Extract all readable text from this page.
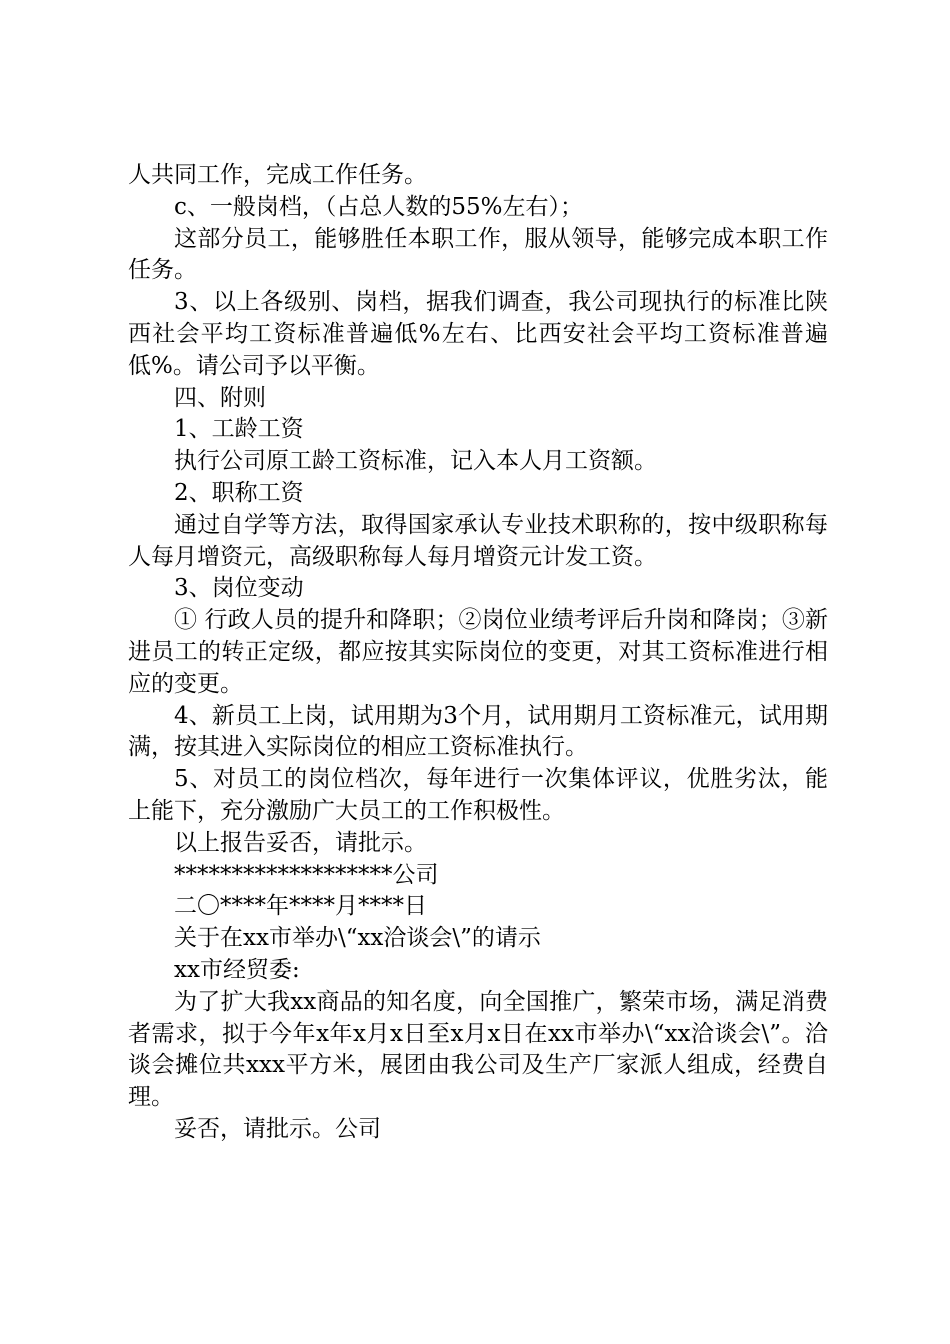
人共同工作，完成工作任务。

c、一般岗档，（占总人数的55%左右）；

这部分员工，能够胜任本职工作，服从领导，能够完成本职工作任务。

3、以上各级别、岗档，据我们调查，我公司现执行的标准比陕西社会平均工资标准普遍低%左右、比西安社会平均工资标准普遍低%。请公司予以平衡。

四、附则

1、工龄工资

执行公司原工龄工资标准，记入本人月工资额。

2、职称工资

通过自学等方法，取得国家承认专业技术职称的，按中级职称每人每月增资元，高级职称每人每月增资元计发工资。

3、岗位变动

① 行政人员的提升和降职；②岗位业绩考评后升岗和降岗；③新进员工的转正定级，都应按其实际岗位的变更，对其工资标准进行相应的变更。

4、新员工上岗，试用期为3个月，试用期月工资标准元，试用期满，按其进入实际岗位的相应工资标准执行。

5、对员工的岗位档次，每年进行一次集体评议，优胜劣汰，能上能下，充分激励广大员工的工作积极性。

以上报告妥否，请批示。

*******************公司

二〇****年****月****日

关于在xx市举办\“xx洽谈会\”的请示

xx市经贸委:

为了扩大我xx商品的知名度，向全国推广，繁荣市场，满足消费者需求，拟于今年x年x月x日至x月x日在xx市举办\“xx洽谈会\”。洽谈会摊位共xxx平方米，展团由我公司及生产厂家派人组成，经费自理。

妥否，请批示。公司
